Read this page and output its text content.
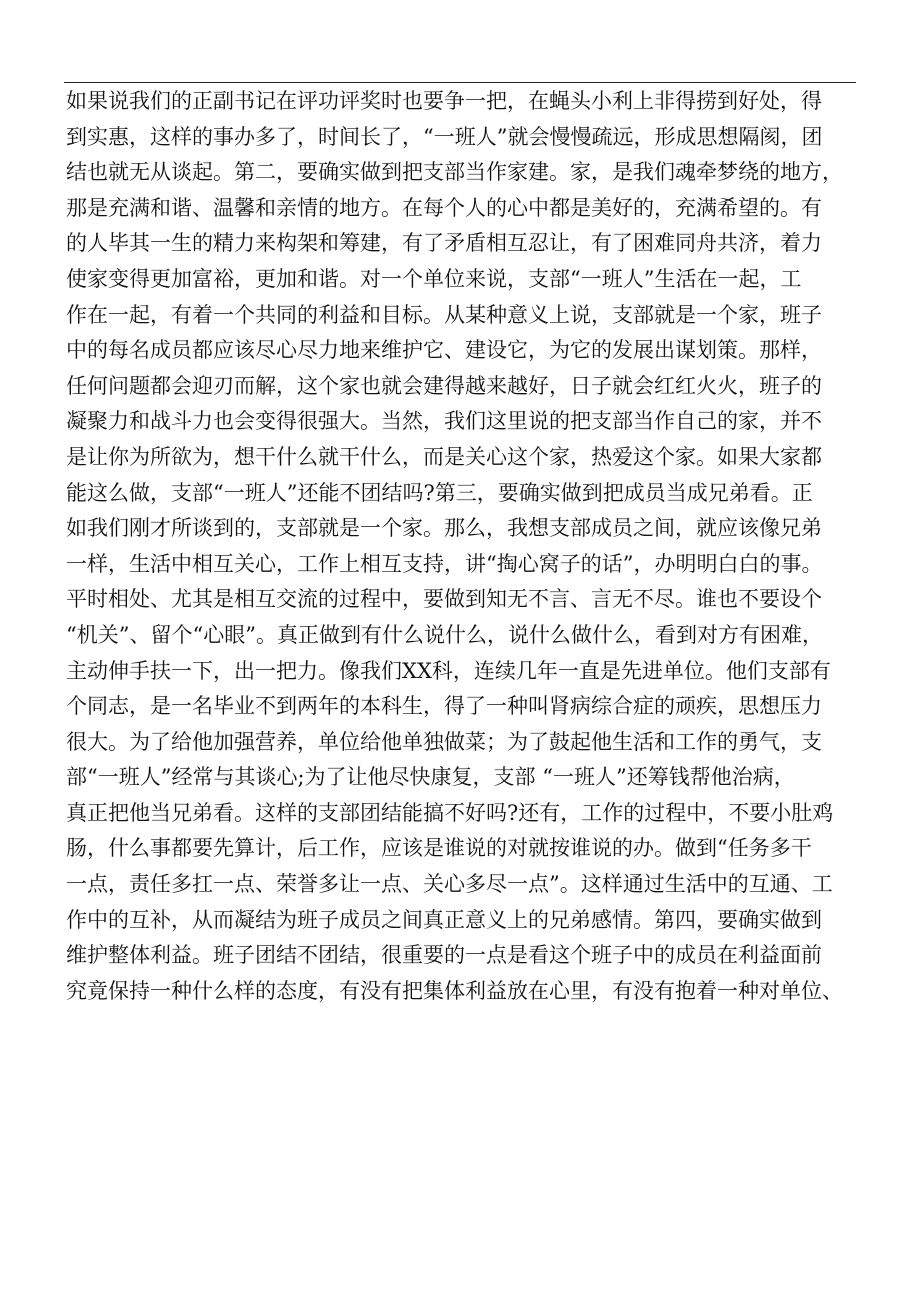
如果说我们的正副书记在评功评奖时也要争一把，在蝇头小利上非得捞到好处，得
到实惠，这样的事办多了，时间长了，“一班人”就会慢慢疏远，形成思想隔阂，团
结也就无从谈起。第二，要确实做到把支部当作家建。家，是我们魂牵梦绕的地方，
那是充满和谐、温馨和亲情的地方。在每个人的心中都是美好的，充满希望的。有
的人毕其一生的精力来构架和筹建，有了矛盾相互忍让，有了困难同舟共济，着力
使家变得更加富裕，更加和谐。对一个单位来说，支部“一班人”生活在一起，工
作在一起，有着一个共同的利益和目标。从某种意义上说，支部就是一个家，班子
中的每名成员都应该尽心尽力地来维护它、建设它，为它的发展出谋划策。那样，
任何问题都会迎刃而解，这个家也就会建得越来越好，日子就会红红火火，班子的
凝聚力和战斗力也会变得很强大。当然，我们这里说的把支部当作自己的家，并不
是让你为所欲为，想干什么就干什么，而是关心这个家，热爱这个家。如果大家都
能这么做，支部“一班人”还能不团结吗?第三，要确实做到把成员当成兄弟看。正
如我们刚才所谈到的，支部就是一个家。那么，我想支部成员之间，就应该像兄弟
一样，生活中相互关心，工作上相互支持，讲“掏心窝子的话”，办明明白白的事。
平时相处、尤其是相互交流的过程中，要做到知无不言、言无不尽。谁也不要设个
“机关”、留个“心眼”。真正做到有什么说什么，说什么做什么，看到对方有困难，
主动伸手扶一下，出一把力。像我们XX科，连续几年一直是先进单位。他们支部有
个同志，是一名毕业不到两年的本科生，得了一种叫肾病综合症的顽疾，思想压力
很大。为了给他加强营养，单位给他单独做菜；为了鼓起他生活和工作的勇气，支
部“一班人”经常与其谈心;为了让他尽快康复，支部 “一班人”还筹钱帮他治病，
真正把他当兄弟看。这样的支部团结能搞不好吗?还有，工作的过程中，不要小肚鸡
肠，什么事都要先算计，后工作，应该是谁说的对就按谁说的办。做到“任务多干
一点，责任多扛一点、荣誉多让一点、关心多尽一点”。这样通过生活中的互通、工
作中的互补，从而凝结为班子成员之间真正意义上的兄弟感情。第四，要确实做到
维护整体利益。班子团结不团结，很重要的一点是看这个班子中的成员在利益面前
究竟保持一种什么样的态度，有没有把集体利益放在心里，有没有抱着一种对单位、
